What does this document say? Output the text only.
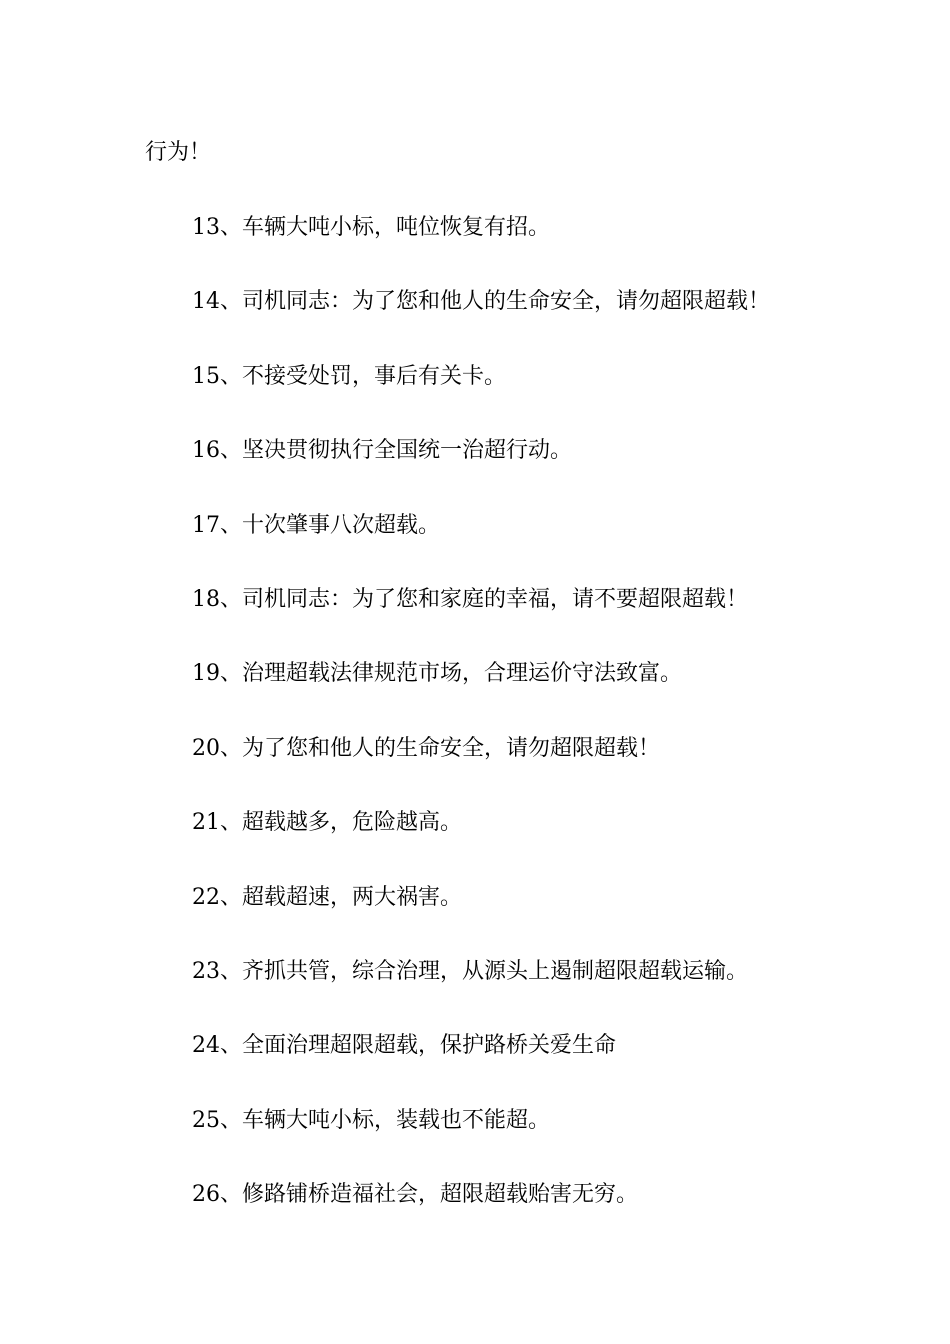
行为！
13、车辆大吨小标，吨位恢复有招。
14、司机同志：为了您和他人的生命安全，请勿超限超载！
15、不接受处罚，事后有关卡。
16、坚决贯彻执行全国统一治超行动。
17、十次肇事八次超载。
18、司机同志：为了您和家庭的幸福，请不要超限超载！
19、治理超载法律规范市场，合理运价守法致富。
20、为了您和他人的生命安全，请勿超限超载！
21、超载越多，危险越高。
22、超载超速，两大祸害。
23、齐抓共管，综合治理，从源头上遏制超限超载运输。
24、全面治理超限超载，保护路桥关爱生命
25、车辆大吨小标，装载也不能超。
26、修路铺桥造福社会，超限超载贻害无穷。
